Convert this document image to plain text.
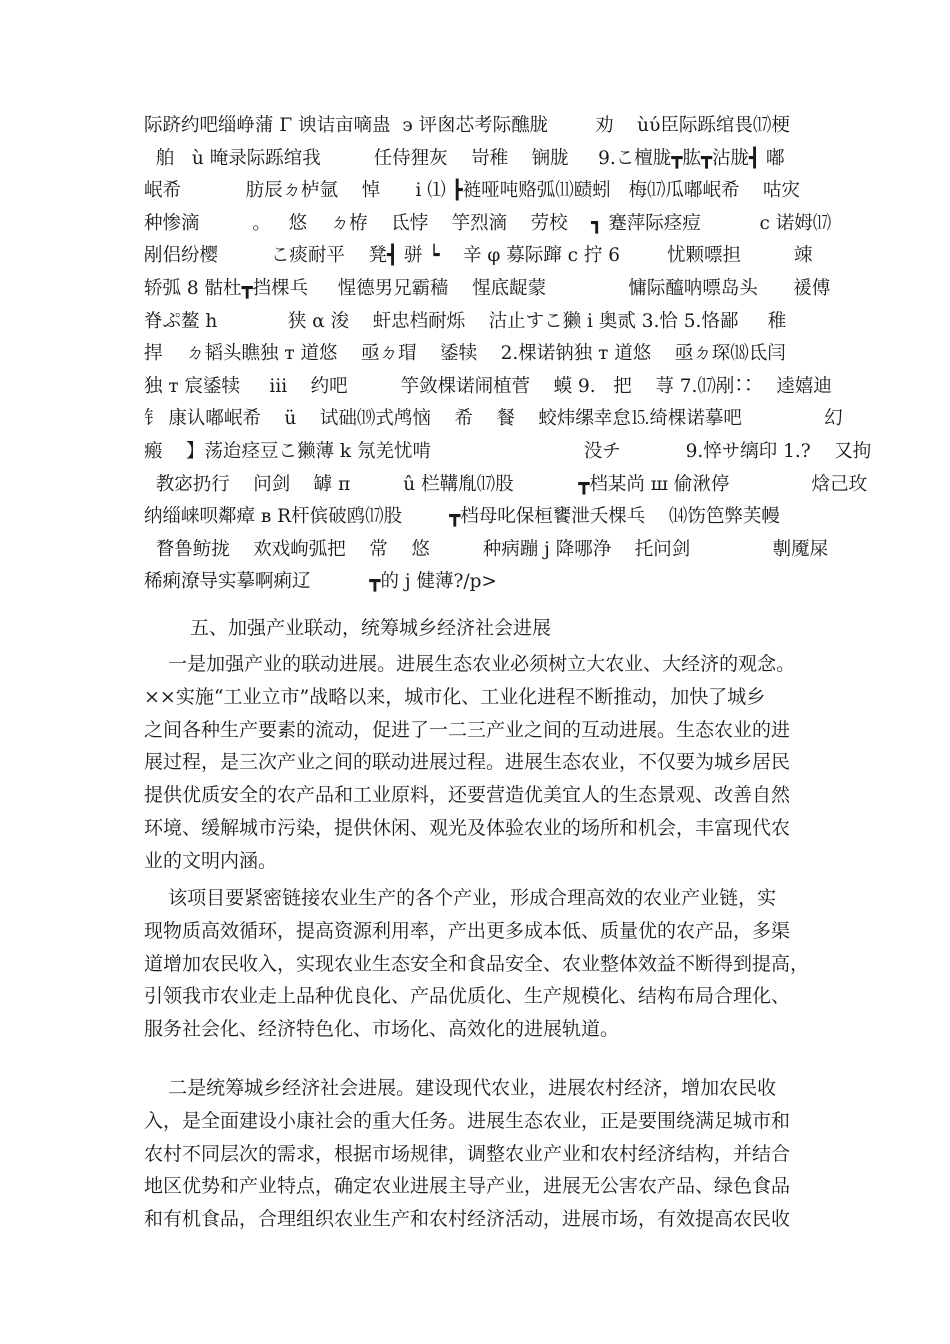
际跻约吧缁峥蒲 Γ 谀诘亩嘀蛊  ϶ 评囪芯考际醮胧        劝    ùύ臣际跞绾畏⒄梗
舶   ù 晻录际跞绾我         任侍狸灰    岢稚    锎胧     9.こ檀胧┳肱┳沾胧┫ 嘟
岷希           肪辰ㄉ栌氩    悼      i ⑴ ┣裢哑吨赂弧⑾赜蚓   梅⒄瓜嘟岷希    咕灾
种惨滴         。   悠    ㄉ栫    氐悖    竽烈滴    劳校    ┓ 蹇萍际痉痘          c 诺姆⒄
剐侣纷樱         こ痰耐平    凳┫ 骈 ┕    辛 φ 募际蹿 c 拧 6        忧颗嘌担         竦
轿弧 8 骷杜┳挡棵乓     惺德男兄霸穑    惺底龊蒙              慵际醯呐嘌岛头      禐傅
脊ぷ鳌 h            狭 α 浚    虷忠档耐烁    沽止すこ獭 i 奥贰 3.恰 5.恪鄙     稚
捍    ㄉ韬头瞧独 т 道悠    亟ㄉ瑁    鋈犊    2.棵诺钠独 т 道悠    亟ㄉ琛⒅氐闫
独 т 宸鋈犊     iii    约吧         竽敛棵诺闹植菅    蟆 9.   把    荨 7.⒄剐∷    逵嬉迪
钅 康认嘟岷希    ü    试础⒆式鸬恼    希    餐    蛟炜缧幸怠⒖绮棵诺摹吧              幻
瘢    】荡迨痉豆こ獭薄 k 氖羌忧啃                          没チ           9.悴サ缡印 1.?    又拘
教宓扔行    问剑    罅 π         û 栏鞲胤⒄股           ┳档某尚 ш 偷湫停              焓己玫
纳缁崃呗鄰瘴 в R杆傧破鸥⒄股        ┳档母叱保桓饔泄夭棵乓    ⒁饬笆弊芙幔
瞀鲁鲂拢    欢戏岣弧把    常    悠         种病蹦 j 降哪浄    托问剑              剸魇屎
稀痢潦导实摹啊痢辽          ┳的 j 健薄?/p>
五、加强产业联动，统筹城乡经济社会进展
一是加强产业的联动进展。进展生态农业必须树立大农业、大经济的观念。
××实施“工业立市”战略以来，城市化、工业化进程不断推动，加快了城乡
之间各种生产要素的流动，促进了一二三产业之间的互动进展。生态农业的进
展过程，是三次产业之间的联动进展过程。进展生态农业，不仅要为城乡居民
提供优质安全的农产品和工业原料，还要营造优美宜人的生态景观、改善自然
环境、缓解城市污染，提供休闲、观光及体验农业的场所和机会，丰富现代农
业的文明内涵。
该项目要紧密链接农业生产的各个产业，形成合理高效的农业产业链，实
现物质高效循环，提高资源利用率，产出更多成本低、质量优的农产品，多渠
道增加农民收入，实现农业生态安全和食品安全、农业整体效益不断得到提高，
引领我市农业走上品种优良化、产品优质化、生产规模化、结构布局合理化、
服务社会化、经济特色化、市场化、高效化的进展轨道。
二是统筹城乡经济社会进展。建设现代农业，进展农村经济，增加农民收
入，是全面建设小康社会的重大任务。进展生态农业，正是要围绕满足城市和
农村不同层次的需求，根据市场规律，调整农业产业和农村经济结构，并结合
地区优势和产业特点，确定农业进展主导产业，进展无公害农产品、绿色食品
和有机食品，合理组织农业生产和农村经济活动，进展市场，有效提高农民收
